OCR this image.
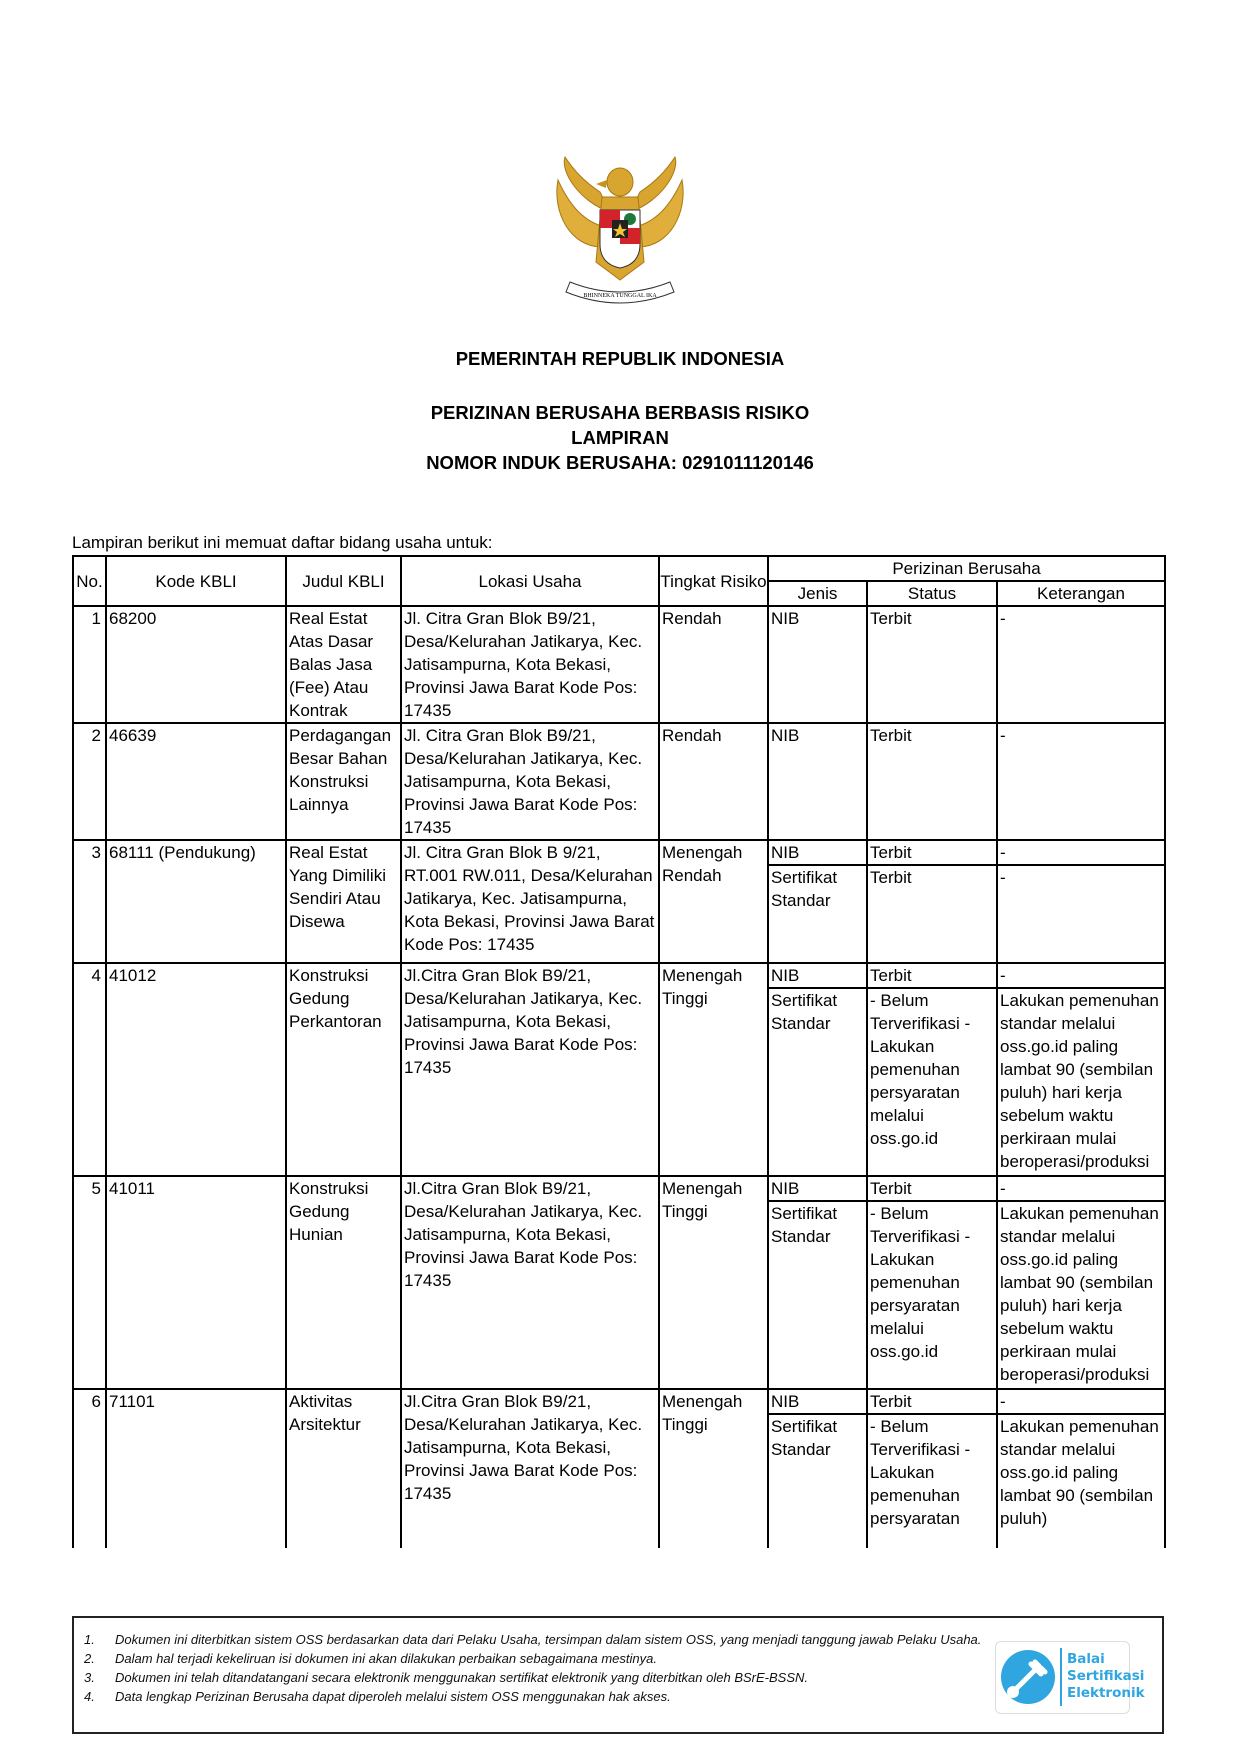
BHINNEKA TUNGGAL IKA
PEMERINTAH REPUBLIK INDONESIA
PERIZINAN BERUSAHA BERBASIS RISIKO
LAMPIRAN
NOMOR INDUK BERUSAHA: 0291011120146
Lampiran berikut ini memuat daftar bidang usaha untuk:
No.	Kode KBLI	Judul KBLI	Lokasi Usaha	Tingkat Risiko	Perizinan Berusaha		
					Jenis	Status	Keterangan
1	68200	Real Estat Atas Dasar Balas Jasa (Fee) Atau Kontrak	Jl. Citra Gran Blok B9/21, Desa/Kelurahan Jatikarya, Kec. Jatisampurna, Kota Bekasi, Provinsi Jawa Barat Kode Pos: 17435	Rendah	NIB	Terbit	-
2	46639	Perdagangan Besar Bahan Konstruksi Lainnya	Jl. Citra Gran Blok B9/21, Desa/Kelurahan Jatikarya, Kec. Jatisampurna, Kota Bekasi, Provinsi Jawa Barat Kode Pos: 17435	Rendah	NIB	Terbit	-
3	68111 (Pendukung)	Real Estat Yang Dimiliki Sendiri Atau Disewa	Jl. Citra Gran Blok B 9/21, RT.001 RW.011, Desa/Kelurahan Jatikarya, Kec. Jatisampurna, Kota Bekasi, Provinsi Jawa Barat Kode Pos: 17435	Menengah Rendah	NIB	Terbit	-
					Sertifikat Standar	Terbit	-
4	41012	Konstruksi Gedung Perkantoran	Jl.Citra Gran Blok B9/21, Desa/Kelurahan Jatikarya, Kec. Jatisampurna, Kota Bekasi, Provinsi Jawa Barat Kode Pos: 17435	Menengah Tinggi	NIB	Terbit	-
					Sertifikat Standar	- Belum Terverifikasi - Lakukan pemenuhan persyaratan melalui oss.go.id	Lakukan pemenuhan standar melalui oss.go.id paling lambat 90 (sembilan puluh) hari kerja sebelum waktu perkiraan mulai beroperasi/produksi
5	41011	Konstruksi Gedung Hunian	Jl.Citra Gran Blok B9/21, Desa/Kelurahan Jatikarya, Kec. Jatisampurna, Kota Bekasi, Provinsi Jawa Barat Kode Pos: 17435	Menengah Tinggi	NIB	Terbit	-
					Sertifikat Standar	- Belum Terverifikasi - Lakukan pemenuhan persyaratan melalui oss.go.id	Lakukan pemenuhan standar melalui oss.go.id paling lambat 90 (sembilan puluh) hari kerja sebelum waktu perkiraan mulai beroperasi/produksi
6	71101	Aktivitas Arsitektur	Jl.Citra Gran Blok B9/21, Desa/Kelurahan Jatikarya, Kec. Jatisampurna, Kota Bekasi, Provinsi Jawa Barat Kode Pos: 17435	Menengah Tinggi	NIB	Terbit	-
					Sertifikat Standar	- Belum Terverifikasi - Lakukan pemenuhan persyaratan	Lakukan pemenuhan standar melalui oss.go.id paling lambat 90 (sembilan puluh)
1.	Dokumen ini diterbitkan sistem OSS berdasarkan data dari Pelaku Usaha, tersimpan dalam sistem OSS, yang menjadi tanggung jawab Pelaku Usaha.
2.	Dalam hal terjadi kekeliruan isi dokumen ini akan dilakukan perbaikan sebagaimana mestinya.
3.	Dokumen ini telah ditandatangani secara elektronik menggunakan sertifikat elektronik yang diterbitkan oleh BSrE-BSSN.
4.	Data lengkap Perizinan Berusaha dapat diperoleh melalui sistem OSS menggunakan hak akses.
Balai
Sertifikasi
Elektronik
